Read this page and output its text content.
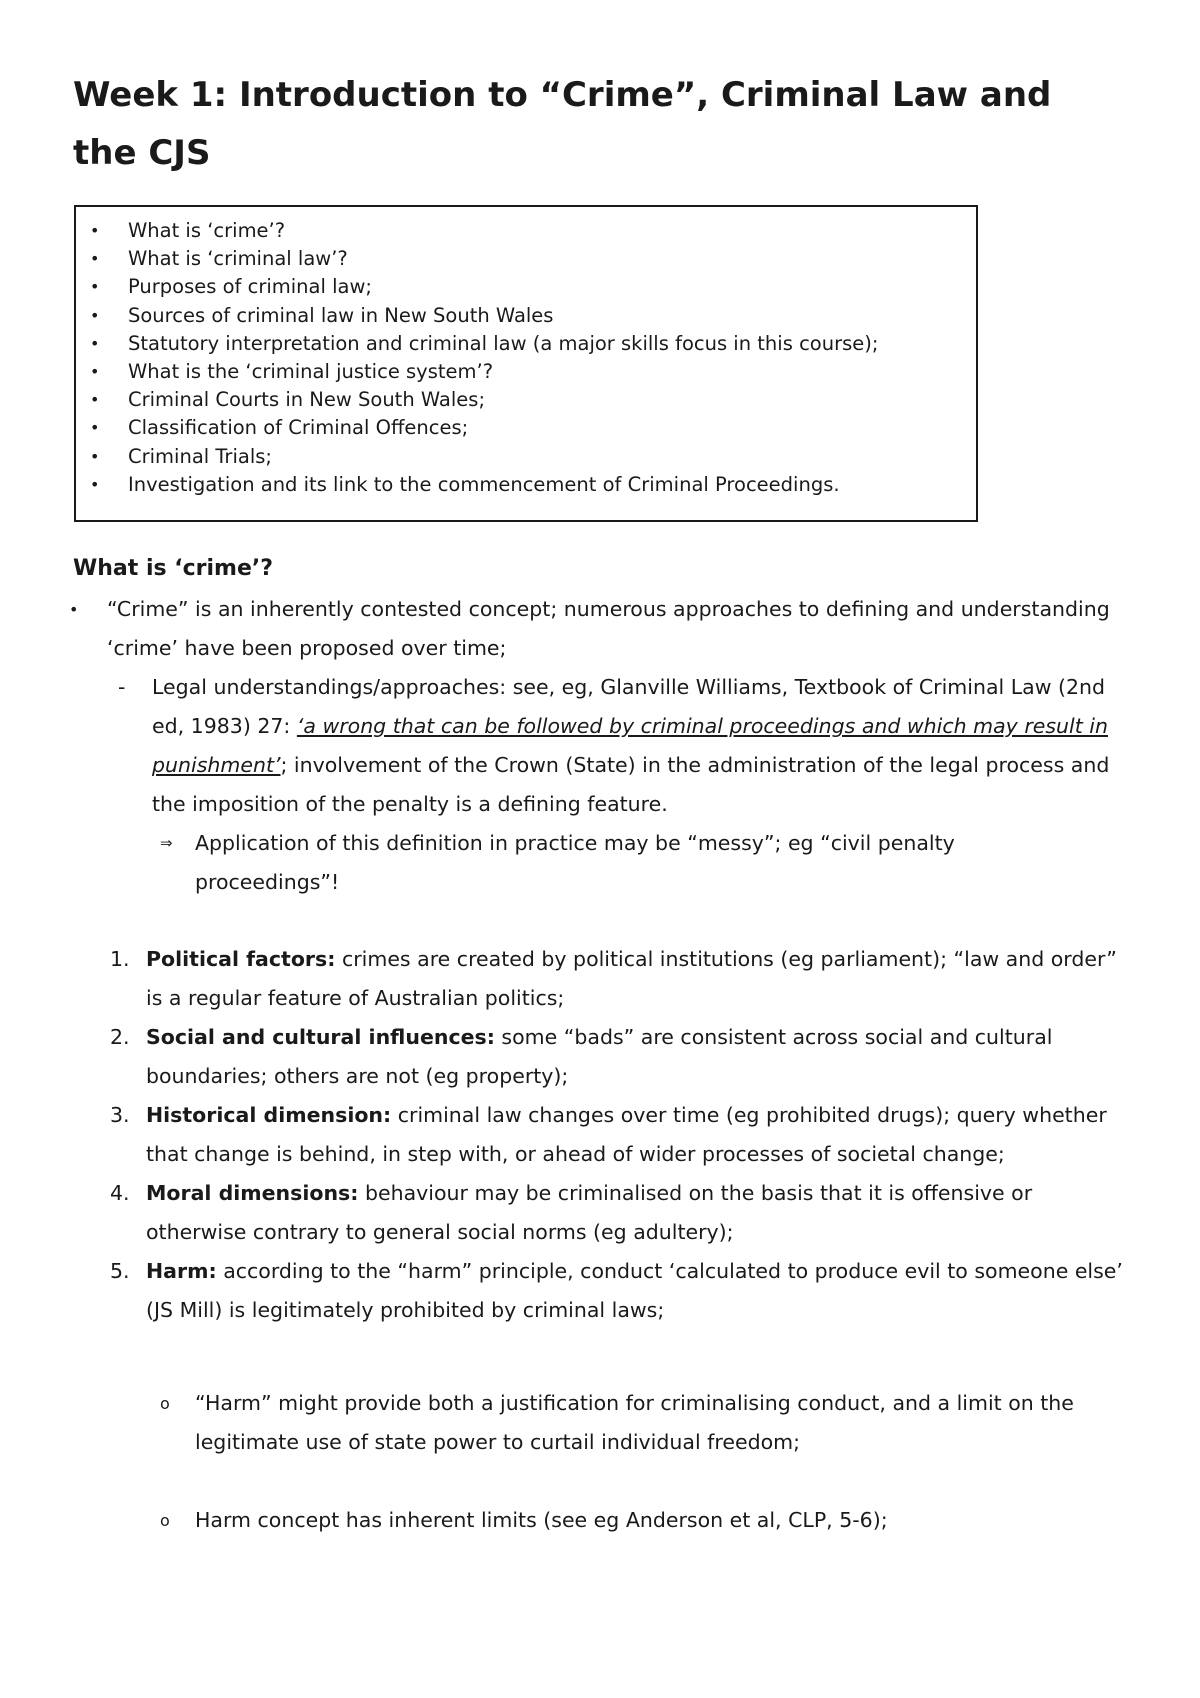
Week 1: Introduction to “Crime”, Criminal Law and the CJS
• What is ‘crime’?
• What is ‘criminal law’?
• Purposes of criminal law;
• Sources of criminal law in New South Wales
• Statutory interpretation and criminal law (a major skills focus in this course);
• What is the ‘criminal justice system’?
• Criminal Courts in New South Wales;
• Classification of Criminal Offences;
• Criminal Trials;
• Investigation and its link to the commencement of Criminal Proceedings.
What is ‘crime’?
• “Crime” is an inherently contested concept; numerous approaches to defining and understanding ‘crime’ have been proposed over time;
- Legal understandings/approaches: see, eg, Glanville Williams, Textbook of Criminal Law (2nd ed, 1983) 27: ‘a wrong that can be followed by criminal proceedings and which may result in punishment’; involvement of the Crown (State) in the administration of the legal process and the imposition of the penalty is a defining feature.
⇒ Application of this definition in practice may be “messy”; eg “civil penalty proceedings”!
1. Political factors: crimes are created by political institutions (eg parliament); “law and order” is a regular feature of Australian politics;
2. Social and cultural influences: some “bads” are consistent across social and cultural boundaries; others are not (eg property);
3. Historical dimension: criminal law changes over time (eg prohibited drugs); query whether that change is behind, in step with, or ahead of wider processes of societal change;
4. Moral dimensions: behaviour may be criminalised on the basis that it is offensive or otherwise contrary to general social norms (eg adultery);
5. Harm: according to the “harm” principle, conduct ‘calculated to produce evil to someone else’ (JS Mill) is legitimately prohibited by criminal laws;
o “Harm” might provide both a justification for criminalising conduct, and a limit on the
legitimate use of state power to curtail individual freedom;
o Harm concept has inherent limits (see eg Anderson et al, CLP, 5-6);
